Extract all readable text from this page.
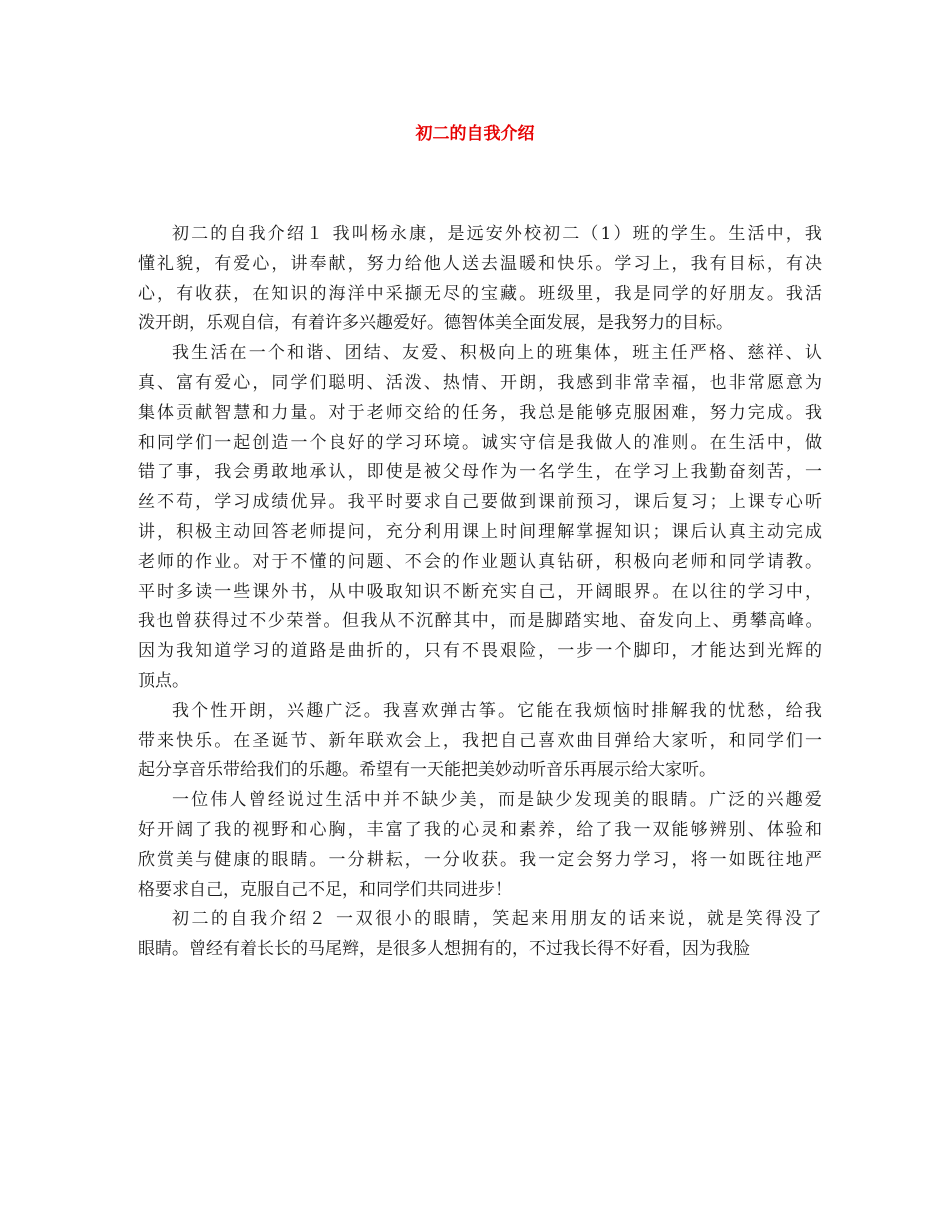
初二的自我介绍
初二的自我介绍１ 我叫杨永康，是远安外校初二（1）班的学生。生活中，我
懂礼貌，有爱心，讲奉献，努力给他人送去温暖和快乐。学习上，我有目标，有决
心，有收获，在知识的海洋中采撷无尽的宝藏。班级里，我是同学的好朋友。我活
泼开朗，乐观自信，有着许多兴趣爱好。德智体美全面发展，是我努力的目标。
我生活在一个和谐、团结、友爱、积极向上的班集体，班主任严格、慈祥、认
真、富有爱心，同学们聪明、活泼、热情、开朗，我感到非常幸福，也非常愿意为
集体贡献智慧和力量。对于老师交给的任务，我总是能够克服困难，努力完成。我
和同学们一起创造一个良好的学习环境。诚实守信是我做人的准则。在生活中，做
错了事，我会勇敢地承认，即使是被父母作为一名学生，在学习上我勤奋刻苦，一
丝不苟，学习成绩优异。我平时要求自己要做到课前预习，课后复习；上课专心听
讲，积极主动回答老师提问，充分利用课上时间理解掌握知识；课后认真主动完成
老师的作业。对于不懂的问题、不会的作业题认真钻研，积极向老师和同学请教。
平时多读一些课外书，从中吸取知识不断充实自己，开阔眼界。在以往的学习中，
我也曾获得过不少荣誉。但我从不沉醉其中，而是脚踏实地、奋发向上、勇攀高峰。
因为我知道学习的道路是曲折的，只有不畏艰险，一步一个脚印，才能达到光辉的
顶点。
我个性开朗，兴趣广泛。我喜欢弹古筝。它能在我烦恼时排解我的忧愁，给我
带来快乐。在圣诞节、新年联欢会上，我把自己喜欢曲目弹给大家听，和同学们一
起分享音乐带给我们的乐趣。希望有一天能把美妙动听音乐再展示给大家听。
一位伟人曾经说过生活中并不缺少美，而是缺少发现美的眼睛。广泛的兴趣爱
好开阔了我的视野和心胸，丰富了我的心灵和素养，给了我一双能够辨别、体验和
欣赏美与健康的眼睛。一分耕耘，一分收获。我一定会努力学习，将一如既往地严
格要求自己，克服自己不足，和同学们共同进步！
初二的自我介绍２ 一双很小的眼睛，笑起来用朋友的话来说，就是笑得没了
眼睛。曾经有着长长的马尾辫，是很多人想拥有的，不过我长得不好看，因为我脸
